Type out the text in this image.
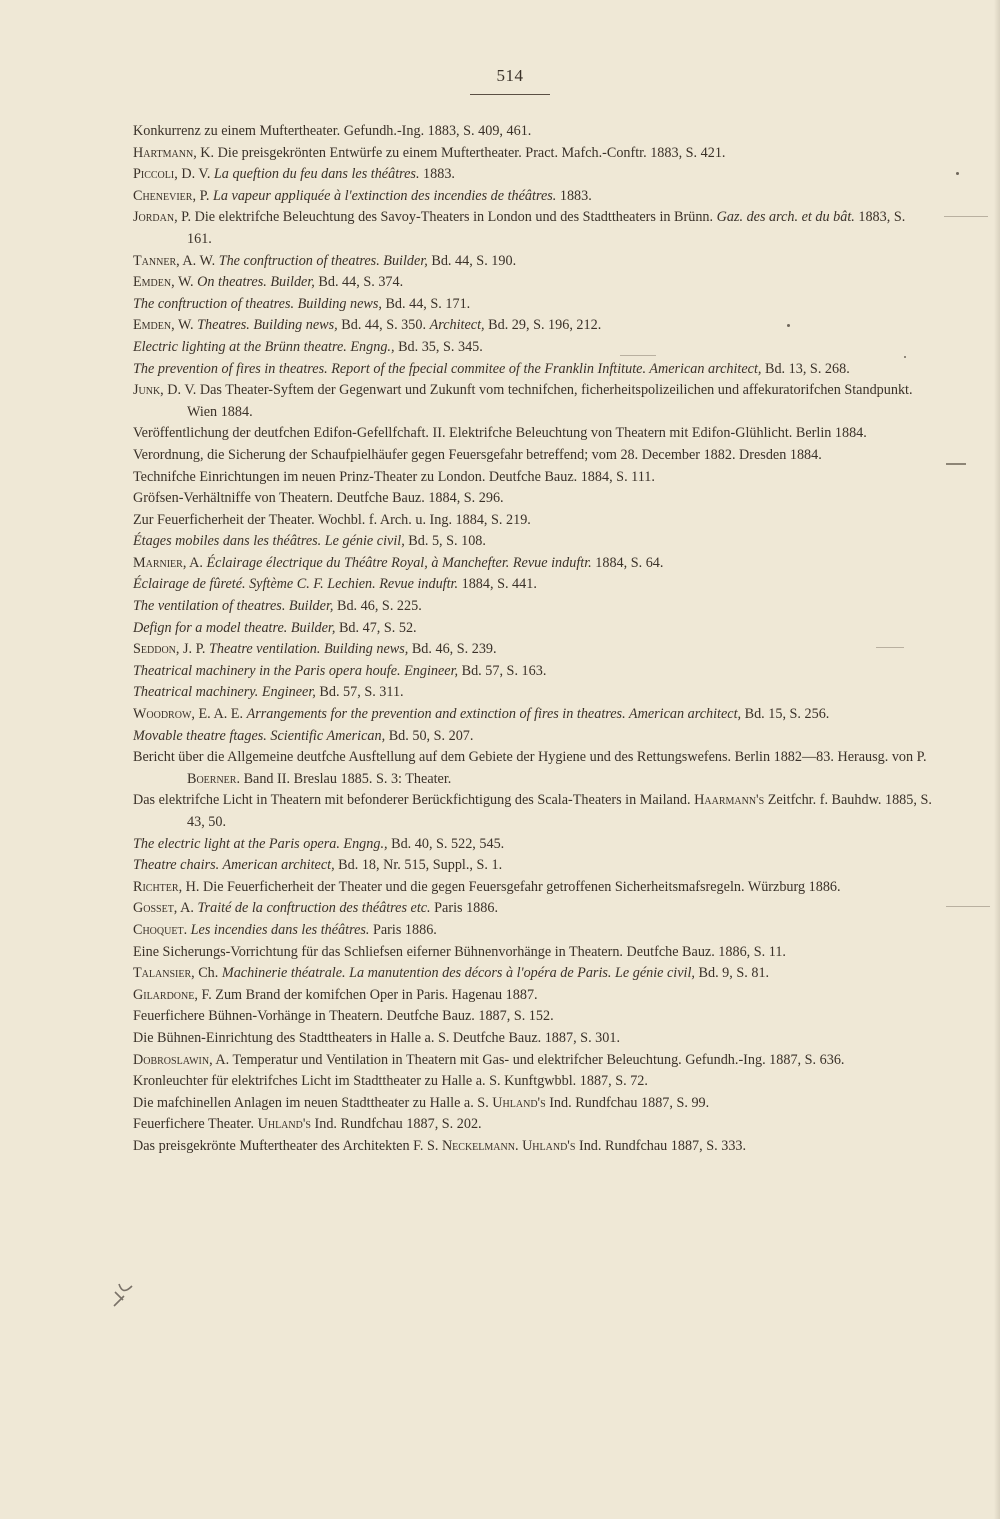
514
Konkurrenz zu einem Muftertheater. Gefundh.-Ing. 1883, S. 409, 461.
Hartmann, K. Die preisgekrönten Entwürfe zu einem Muftertheater. Pract. Mafch.-Conftr. 1883, S. 421.
Piccoli, D. V. La queftion du feu dans les théâtres. 1883.
Chenevier, P. La vapeur appliquée à l'extinction des incendies de théâtres. 1883.
Jordan, P. Die elektrifche Beleuchtung des Savoy-Theaters in London und des Stadttheaters in Brünn. Gaz. des arch. et du bât. 1883, S. 161.
Tanner, A. W. The conftruction of theatres. Builder, Bd. 44, S. 190.
Emden, W. On theatres. Builder, Bd. 44, S. 374.
The conftruction of theatres. Building news, Bd. 44, S. 171.
Emden, W. Theatres. Building news, Bd. 44, S. 350. Architect, Bd. 29, S. 196, 212.
Electric lighting at the Brünn theatre. Engng., Bd. 35, S. 345.
The prevention of fires in theatres. Report of the fpecial commitee of the Franklin Inftitute. American architect, Bd. 13, S. 268.
Junk, D. V. Das Theater-Syftem der Gegenwart und Zukunft vom technifchen, ficherheitspolizeilichen und affekuratorifchen Standpunkt. Wien 1884.
Veröffentlichung der deutfchen Edifon-Gefellfchaft. II. Elektrifche Beleuchtung von Theatern mit Edifon-Glühlicht. Berlin 1884.
Verordnung, die Sicherung der Schaufpielhäufer gegen Feuersgefahr betreffend; vom 28. December 1882. Dresden 1884.
Technifche Einrichtungen im neuen Prinz-Theater zu London. Deutfche Bauz. 1884, S. 111.
Gröfsen-Verhältniffe von Theatern. Deutfche Bauz. 1884, S. 296.
Zur Feuerficherheit der Theater. Wochbl. f. Arch. u. Ing. 1884, S. 219.
Étages mobiles dans les théâtres. Le génie civil, Bd. 5, S. 108.
Marnier, A. Éclairage électrique du Théâtre Royal, à Manchefter. Revue induftr. 1884, S. 64.
Éclairage de fûreté. Syftème C. F. Lechien. Revue induftr. 1884, S. 441.
The ventilation of theatres. Builder, Bd. 46, S. 225.
Defign for a model theatre. Builder, Bd. 47, S. 52.
Seddon, J. P. Theatre ventilation. Building news, Bd. 46, S. 239.
Theatrical machinery in the Paris opera houfe. Engineer, Bd. 57, S. 163.
Theatrical machinery. Engineer, Bd. 57, S. 311.
Woodrow, E. A. E. Arrangements for the prevention and extinction of fires in theatres. American architect, Bd. 15, S. 256.
Movable theatre ftages. Scientific American, Bd. 50, S. 207.
Bericht über die Allgemeine deutfche Ausftellung auf dem Gebiete der Hygiene und des Rettungswefens. Berlin 1882—83. Herausg. von P. Boerner. Band II. Breslau 1885. S. 3: Theater.
Das elektrifche Licht in Theatern mit befonderer Berückfichtigung des Scala-Theaters in Mailand. Haarmann's Zeitfchr. f. Bauhdw. 1885, S. 43, 50.
The electric light at the Paris opera. Engng., Bd. 40, S. 522, 545.
Theatre chairs. American architect, Bd. 18, Nr. 515, Suppl., S. 1.
Richter, H. Die Feuerficherheit der Theater und die gegen Feuersgefahr getroffenen Sicherheitsmafsregeln. Würzburg 1886.
Gosset, A. Traité de la conftruction des théâtres etc. Paris 1886.
Choquet. Les incendies dans les théâtres. Paris 1886.
Eine Sicherungs-Vorrichtung für das Schliefsen eiferner Bühnenvorhänge in Theatern. Deutfche Bauz. 1886, S. 11.
Talansier, Ch. Machinerie théatrale. La manutention des décors à l'opéra de Paris. Le génie civil, Bd. 9, S. 81.
Gilardone, F. Zum Brand der komifchen Oper in Paris. Hagenau 1887.
Feuerfichere Bühnen-Vorhänge in Theatern. Deutfche Bauz. 1887, S. 152.
Die Bühnen-Einrichtung des Stadttheaters in Halle a. S. Deutfche Bauz. 1887, S. 301.
Dobroslawin, A. Temperatur und Ventilation in Theatern mit Gas- und elektrifcher Beleuchtung. Gefundh.-Ing. 1887, S. 636.
Kronleuchter für elektrifches Licht im Stadttheater zu Halle a. S. Kunftgwbbl. 1887, S. 72.
Die mafchinellen Anlagen im neuen Stadttheater zu Halle a. S. Uhland's Ind. Rundfchau 1887, S. 99.
Feuerfichere Theater. Uhland's Ind. Rundfchau 1887, S. 202.
Das preisgekrönte Muftertheater des Architekten F. S. Neckelmann. Uhland's Ind. Rundfchau 1887, S. 333.
